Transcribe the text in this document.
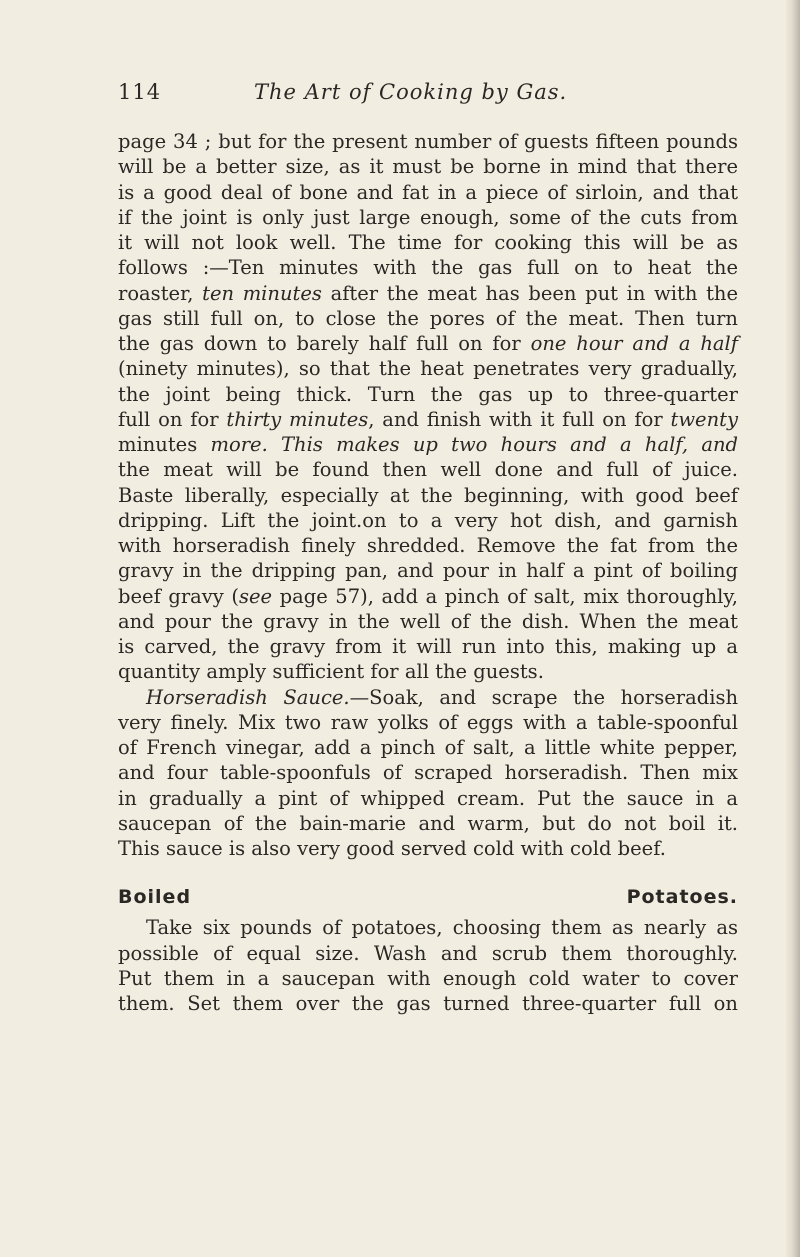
114	The Art of Cooking by Gas.
page 34 ; but for the present number of guests fifteen pounds
will be a better size, as it must be borne in mind that there
is a good deal of bone and fat in a piece of sirloin, and that
if the joint is only just large enough, some of the cuts from
it will not look well. The time for cooking this will be as
follows :—Ten minutes with the gas full on to heat the
roaster, ten minutes after the meat has been put in with the
gas still full on, to close the pores of the meat. Then turn
the gas down to barely half full on for one hour and a half
(ninety minutes), so that the heat penetrates very gradually,
the joint being thick. Turn the gas up to three-quarter
full on for thirty minutes, and finish with it full on for twenty
minutes more. This makes up two hours and a half, and
the meat will be found then well done and full of juice.
Baste liberally, especially at the beginning, with good beef
dripping. Lift the joint.on to a very hot dish, and garnish
with horseradish finely shredded. Remove the fat from the
gravy in the dripping pan, and pour in half a pint of boiling
beef gravy (see page 57), add a pinch of salt, mix thoroughly,
and pour the gravy in the well of the dish. When the meat
is carved, the gravy from it will run into this, making up a
quantity amply sufficient for all the guests.
Horseradish Sauce.—Soak, and scrape the horseradish
very finely. Mix two raw yolks of eggs with a table-spoonful
of French vinegar, add a pinch of salt, a little white pepper,
and four table-spoonfuls of scraped horseradish. Then mix
in gradually a pint of whipped cream. Put the sauce in a
saucepan of the bain-marie and warm, but do not boil it.
This sauce is also very good served cold with cold beef.
Boiled Potatoes.
Take six pounds of potatoes, choosing them as nearly as
possible of equal size. Wash and scrub them thoroughly.
Put them in a saucepan with enough cold water to cover
them. Set them over the gas turned three-quarter full on
